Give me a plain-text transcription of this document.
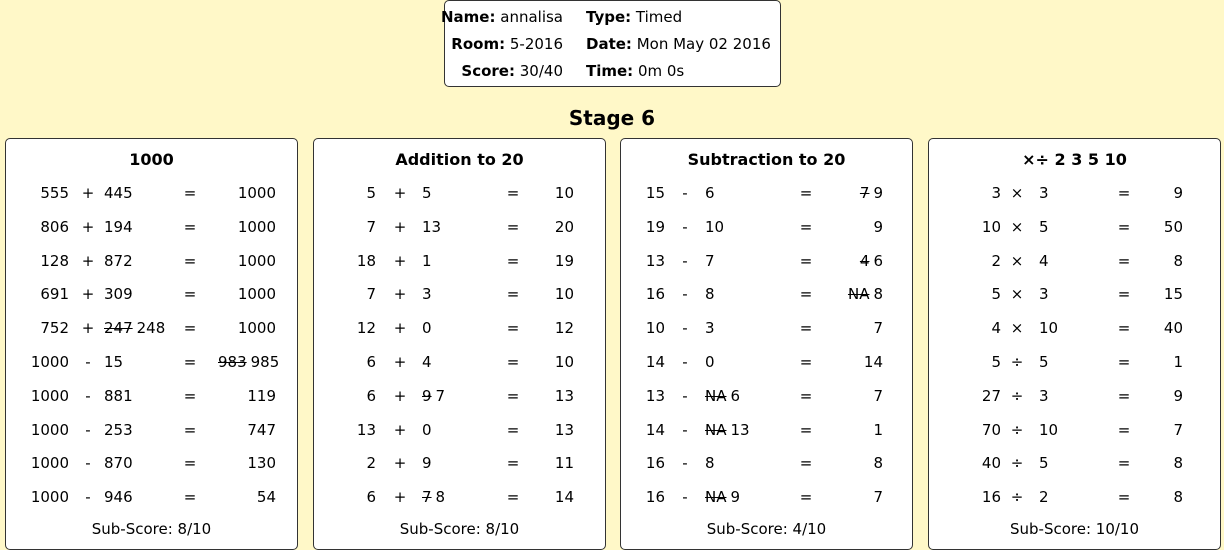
Name: annalisa Type: Timed
Room: 5-2016 Date: Mon May 02 2016
Score: 30/40 Time: 0m 0s
Stage 6
1000
555 + 445	=	1000
806 + 194	=	1000
128 + 872	=	1000
691 + 309	=	1000
752 + 247 248 =	1000
1000	- 15	= 983 985
1000	- 881	=	119
1000	- 253	=	747
1000	- 870	=	130
1000	- 946	=	54
Sub-Score: 8/10
Addition to 20
5 + 5	=	10
7 + 13	=	20
18 + 1	=	19
7 + 3	=	10
12 + 0	=	12
6 + 4	=	10
6 + 9 7	=	13
13 + 0	=	13
2 + 9	=	11
6 + 7 8	=	14
Sub-Score: 8/10
Subtraction to 20
15	-	6	=	7 9
19	-	10	=	9
13	-	7	=	4 6
16	-	8	=	NA 8
10	-	3	=	7
14	-	0	=	14
13	-	NA 6	=	7
14	-	NA 13	=	1
16	-	8	=	8
16	-	NA 9	=	7
Sub-Score: 4/10
×÷ 2 3 5 10
3 × 3	=	9
10 × 5	=	50
2 × 4	=	8
5 × 3	=	15
4 × 10	=	40
5 ÷ 5	=	1
27 ÷ 3	=	9
70 ÷ 10	=	7
40 ÷ 5	=	8
16 ÷ 2	=	8
Sub-Score: 10/10
